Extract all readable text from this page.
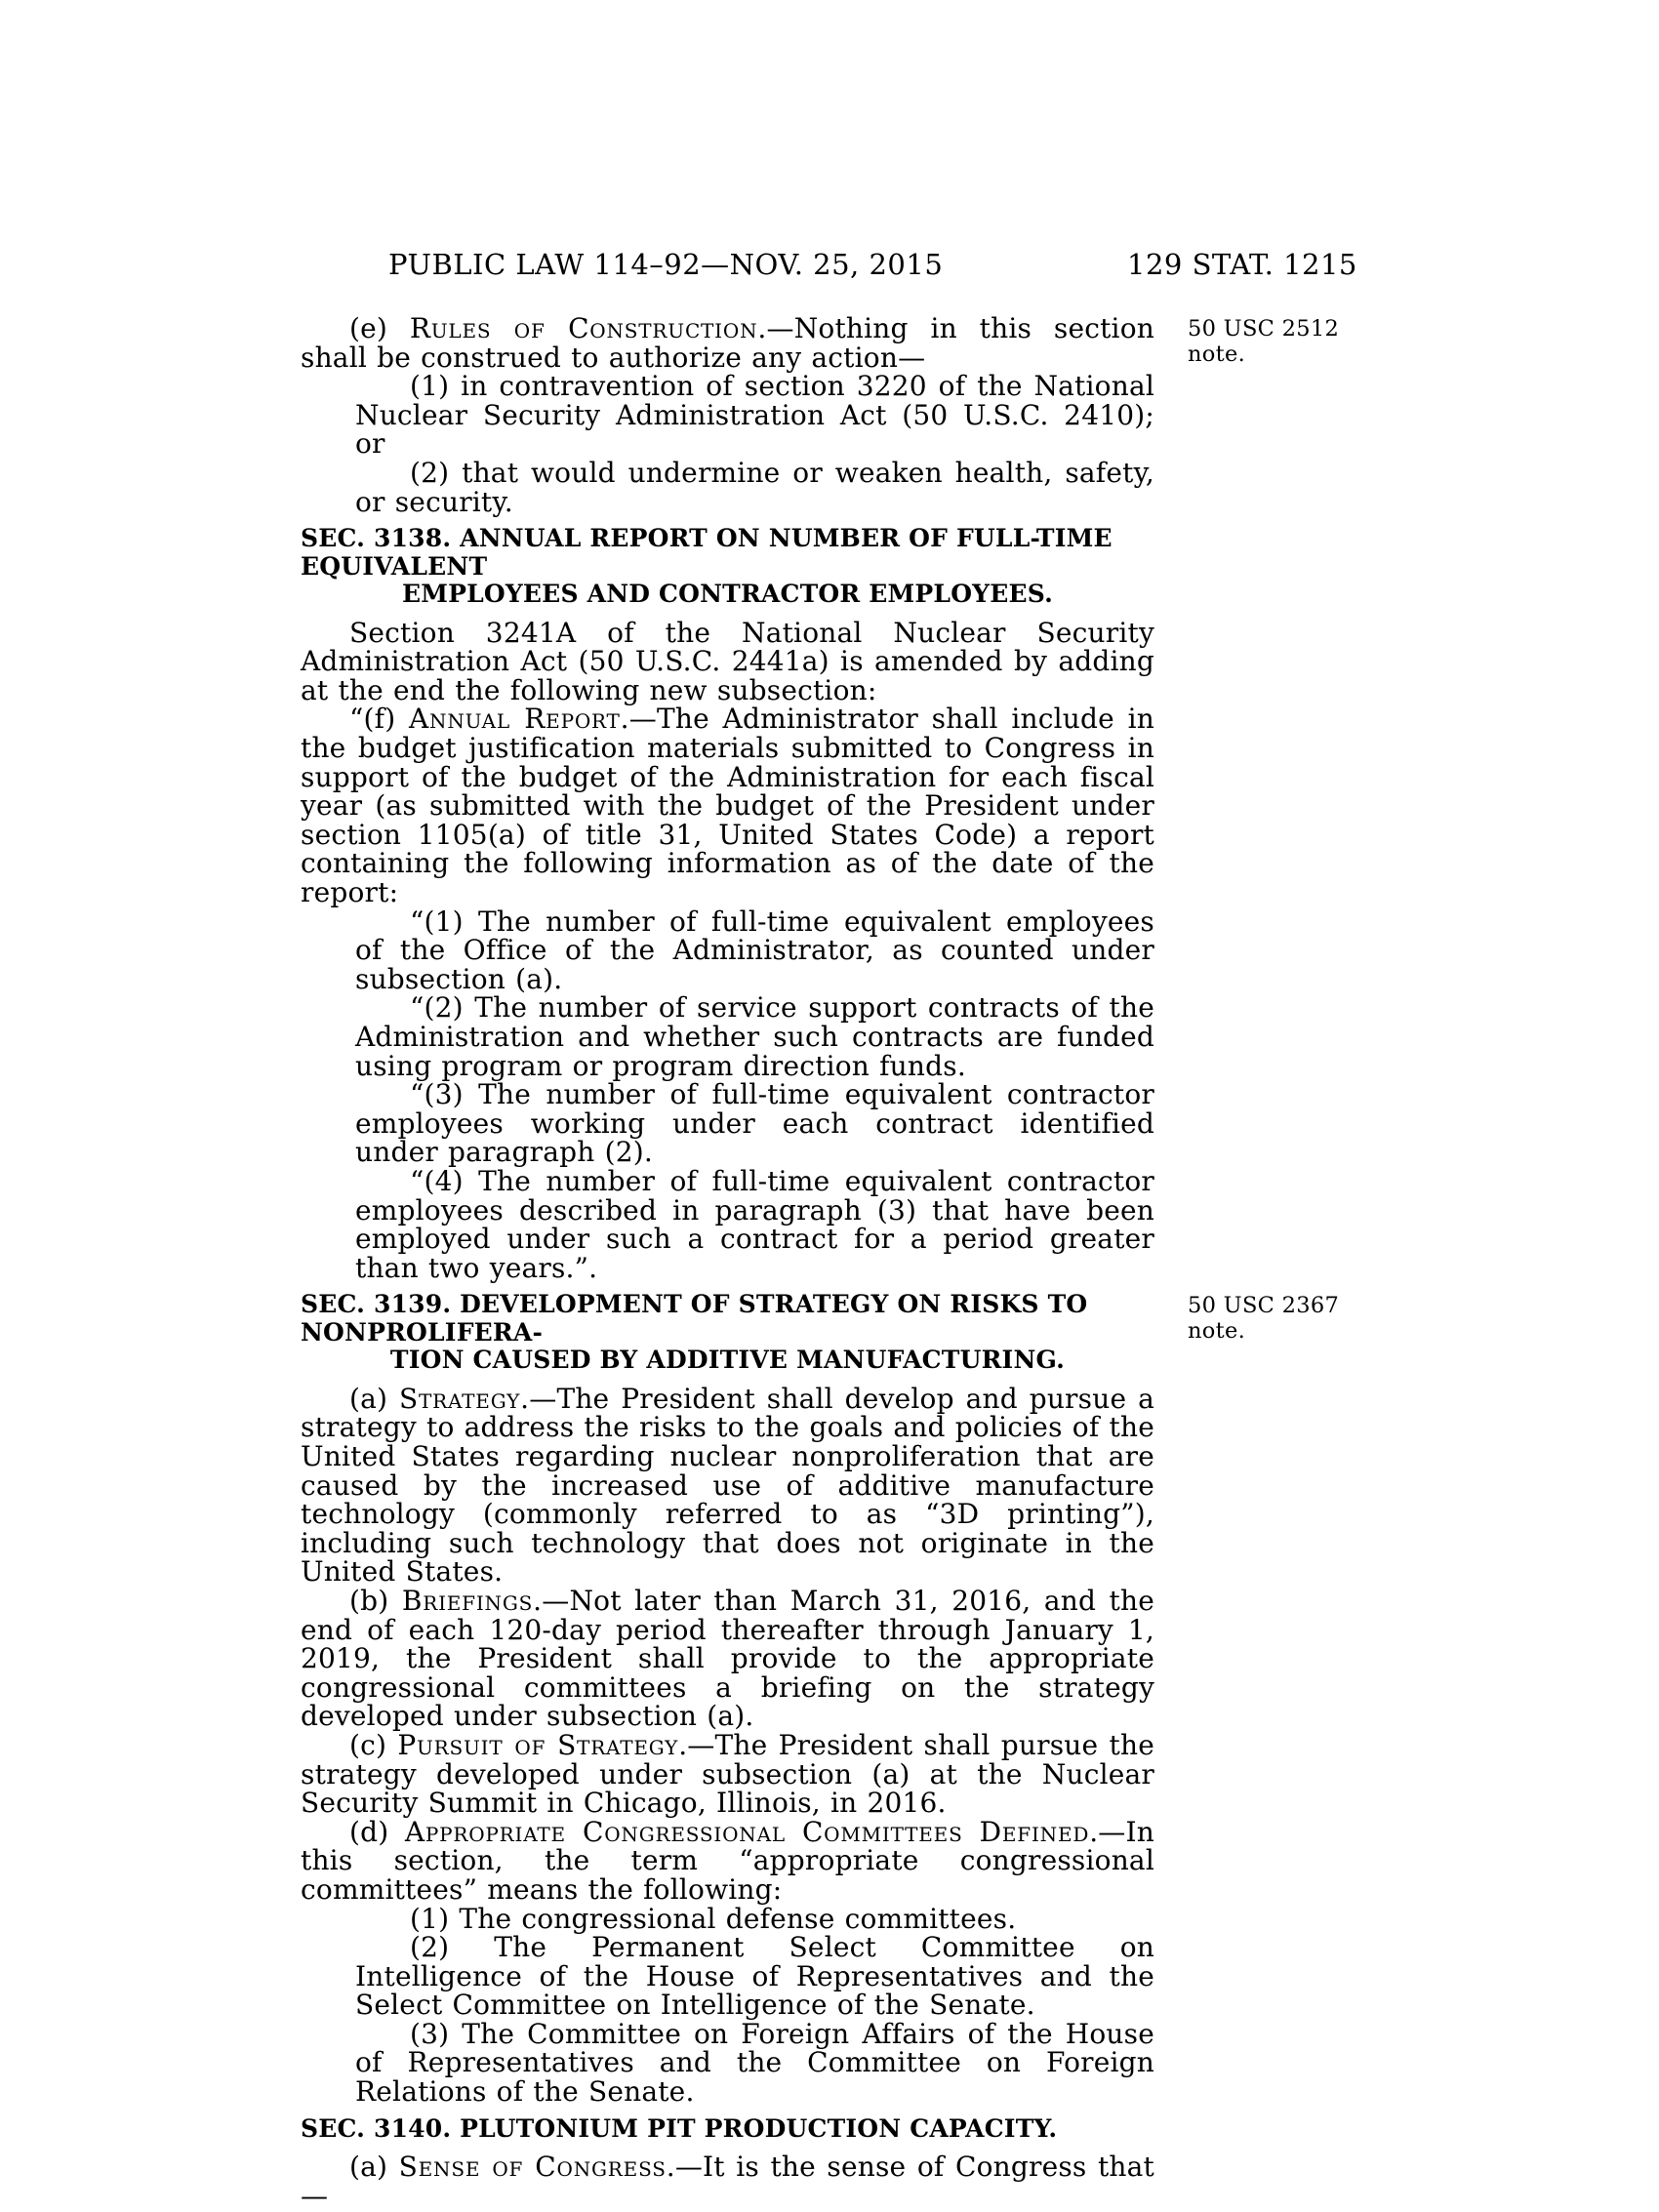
PUBLIC LAW 114–92—NOV. 25, 2015	129 STAT. 1215

(e) Rules of Construction.—Nothing in this section shall be construed to authorize any action—
50 USC 2512
note.

(1) in contravention of section 3220 of the National Nuclear Security Administration Act (50 U.S.C. 2410); or

(2) that would undermine or weaken health, safety, or security.

SEC. 3138. ANNUAL REPORT ON NUMBER OF FULL-TIME EQUIVALENT
EMPLOYEES AND CONTRACTOR EMPLOYEES.

Section 3241A of the National Nuclear Security Administration Act (50 U.S.C. 2441a) is amended by adding at the end the following new subsection:

“(f) Annual Report.—The Administrator shall include in the budget justification materials submitted to Congress in support of the budget of the Administration for each fiscal year (as submitted with the budget of the President under section 1105(a) of title 31, United States Code) a report containing the following information as of the date of the report:

“(1) The number of full-time equivalent employees of the Office of the Administrator, as counted under subsection (a).

“(2) The number of service support contracts of the Administration and whether such contracts are funded using program or program direction funds.

“(3) The number of full-time equivalent contractor employees working under each contract identified under paragraph (2).

“(4) The number of full-time equivalent contractor employees described in paragraph (3) that have been employed under such a contract for a period greater than two years.”.

SEC. 3139. DEVELOPMENT OF STRATEGY ON RISKS TO NONPROLIFERA-
TION CAUSED BY ADDITIVE MANUFACTURING.
50 USC 2367
note.

(a) Strategy.—The President shall develop and pursue a strategy to address the risks to the goals and policies of the United States regarding nuclear nonproliferation that are caused by the increased use of additive manufacture technology (commonly referred to as “3D printing”), including such technology that does not originate in the United States.

(b) Briefings.—Not later than March 31, 2016, and the end of each 120-day period thereafter through January 1, 2019, the President shall provide to the appropriate congressional committees a briefing on the strategy developed under subsection (a).

(c) Pursuit of Strategy.—The President shall pursue the strategy developed under subsection (a) at the Nuclear Security Summit in Chicago, Illinois, in 2016.

(d) Appropriate Congressional Committees Defined.—In this section, the term “appropriate congressional committees” means the following:

(1) The congressional defense committees.

(2) The Permanent Select Committee on Intelligence of the House of Representatives and the Select Committee on Intelligence of the Senate.

(3) The Committee on Foreign Affairs of the House of Representatives and the Committee on Foreign Relations of the Senate.

SEC. 3140. PLUTONIUM PIT PRODUCTION CAPACITY.

(a) Sense of Congress.—It is the sense of Congress that—
